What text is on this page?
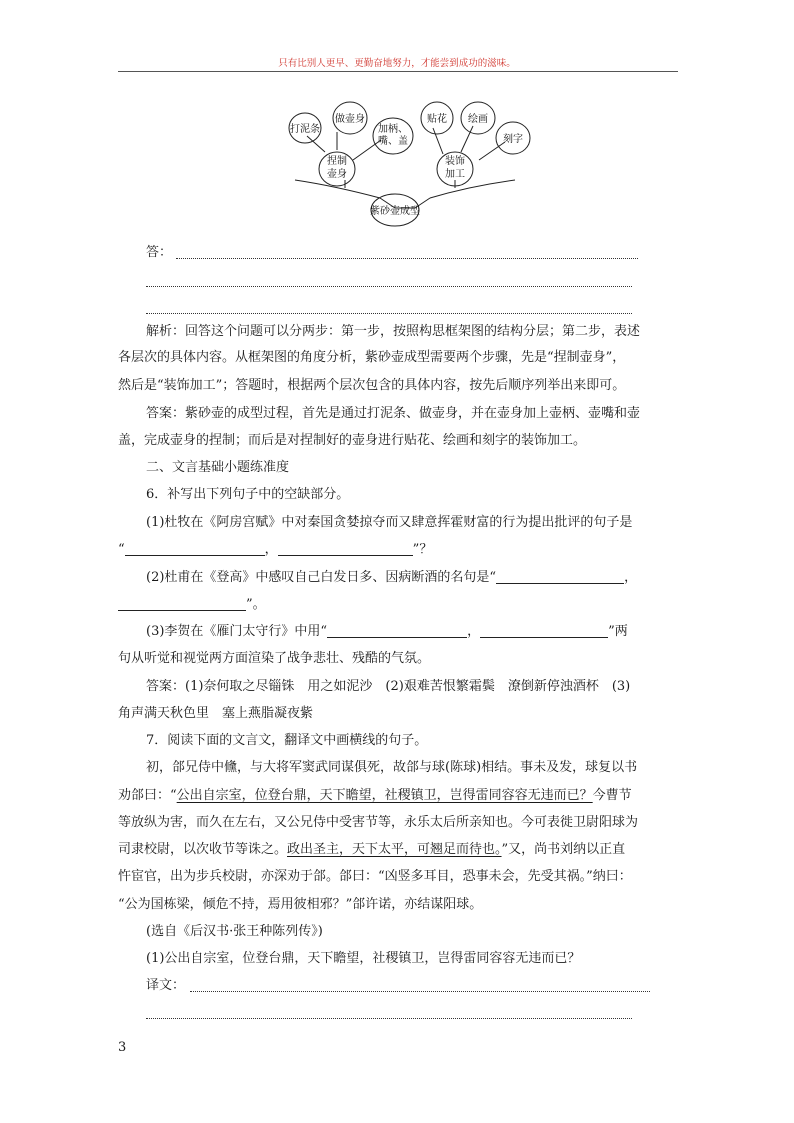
只有比别人更早、更勤奋地努力，才能尝到成功的滋味。
紫砂壶成型
捏制壶身
装饰加工
打泥条
做壶身
加柄、嘴、盖
贴花 绘画
刻字
答：
解析：回答这个问题可以分两步：第一步，按照构思框架图的结构分层；第二步，表述
各层次的具体内容。从框架图的角度分析，紫砂壶成型需要两个步骤，先是“捏制壶身”，
然后是“装饰加工”；答题时，根据两个层次包含的具体内容，按先后顺序列举出来即可。
答案：紫砂壶的成型过程，首先是通过打泥条、做壶身，并在壶身加上壶柄、壶嘴和壶
盖，完成壶身的捏制；而后是对捏制好的壶身进行贴花、绘画和刻字的装饰加工。
二、文言基础小题练准度
6．补写出下列句子中的空缺部分。
(1)杜牧在《阿房宫赋》中对秦国贪婪掠夺而又肆意挥霍财富的行为提出批评的句子是
“	，	”？
(2)杜甫在《登高》中感叹自己白发日多、因病断酒的名句是“	，
”。
(3)李贺在《雁门太守行》中用“	，	”两
句从听觉和视觉两方面渲染了战争悲壮、残酷的气氛。
答案：(1)奈何取之尽锱铢　用之如泥沙　(2)艰难苦恨繁霜鬓　潦倒新停浊酒杯　(3)
角声满天秋色里　塞上燕脂凝夜紫
7．阅读下面的文言文，翻译文中画横线的句子。
初，郃兄侍中儵，与大将军窦武同谋俱死，故郃与球(陈球)相结。事未及发，球复以书
劝郃曰：“公出自宗室，位登台鼎，天下瞻望，社稷镇卫，岂得雷同容容无违而已？今曹节
等放纵为害，而久在左右，又公兄侍中受害节等，永乐太后所亲知也。今可表徙卫尉阳球为
司隶校尉，以次收节等诛之。政出圣主，天下太平，可翘足而待也。”又，尚书刘纳以正直
忤宦官，出为步兵校尉，亦深劝于郃。郃曰：“凶竖多耳目，恐事未会，先受其祸。”纳曰：
“公为国栋梁，倾危不持，焉用彼相邪？”郃许诺，亦结谋阳球。
(选自《后汉书·张王种陈列传》)
(1)公出自宗室，位登台鼎，天下瞻望，社稷镇卫，岂得雷同容容无违而已？
译文：
3
